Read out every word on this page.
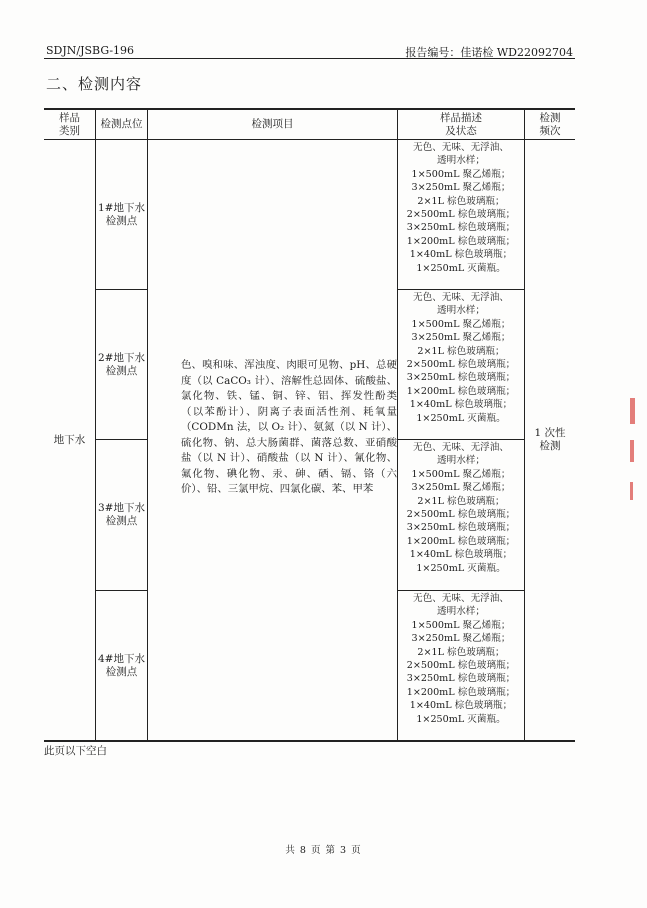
SDJN/JSBG-196	报告编号：佳诺检 WD22092704
二、检测内容
样品
类别
检测点位	检测项目
样品描述
及状态
检测
频次
地下水
1#地下水
检测点
2#地下水
检测点
3#地下水
检测点
4#地下水
检测点
1 次性
检测
无色、无味、无浮油、
透明水样；
1×500mL 聚乙烯瓶；
3×250mL 聚乙烯瓶；
2×1L 棕色玻璃瓶；
2×500mL 棕色玻璃瓶；
3×250mL 棕色玻璃瓶；
1×200mL 棕色玻璃瓶；
1×40mL 棕色玻璃瓶；
1×250mL 灭菌瓶。
无色、无味、无浮油、
透明水样；
1×500mL 聚乙烯瓶；
3×250mL 聚乙烯瓶；
2×1L 棕色玻璃瓶；
2×500mL 棕色玻璃瓶；
3×250mL 棕色玻璃瓶；
1×200mL 棕色玻璃瓶；
1×40mL 棕色玻璃瓶；
1×250mL 灭菌瓶。
无色、无味、无浮油、
透明水样；
1×500mL 聚乙烯瓶；
3×250mL 聚乙烯瓶；
2×1L 棕色玻璃瓶；
2×500mL 棕色玻璃瓶；
3×250mL 棕色玻璃瓶；
1×200mL 棕色玻璃瓶；
1×40mL 棕色玻璃瓶；
1×250mL 灭菌瓶。
无色、无味、无浮油、
透明水样；
1×500mL 聚乙烯瓶；
3×250mL 聚乙烯瓶；
2×1L 棕色玻璃瓶；
2×500mL 棕色玻璃瓶；
3×250mL 棕色玻璃瓶；
1×200mL 棕色玻璃瓶；
1×40mL 棕色玻璃瓶；
1×250mL 灭菌瓶。
色、嗅和味、浑浊度、肉眼可见物、pH、总硬度（以 CaCO₃ 计）、溶解性总固体、硫酸盐、氯化物、铁、锰、铜、锌、铝、挥发性酚类（以苯酚计）、阴离子表面活性剂、耗氧量（CODMn 法，以 O₂ 计）、氨氮（以 N 计）、硫化物、钠、总大肠菌群、菌落总数、亚硝酸盐（以 N 计）、硝酸盐（以 N 计）、氰化物、氟化物、碘化物、汞、砷、硒、镉、铬（六价）、铅、三氯甲烷、四氯化碳、苯、甲苯
此页以下空白
共 8 页 第 3 页
